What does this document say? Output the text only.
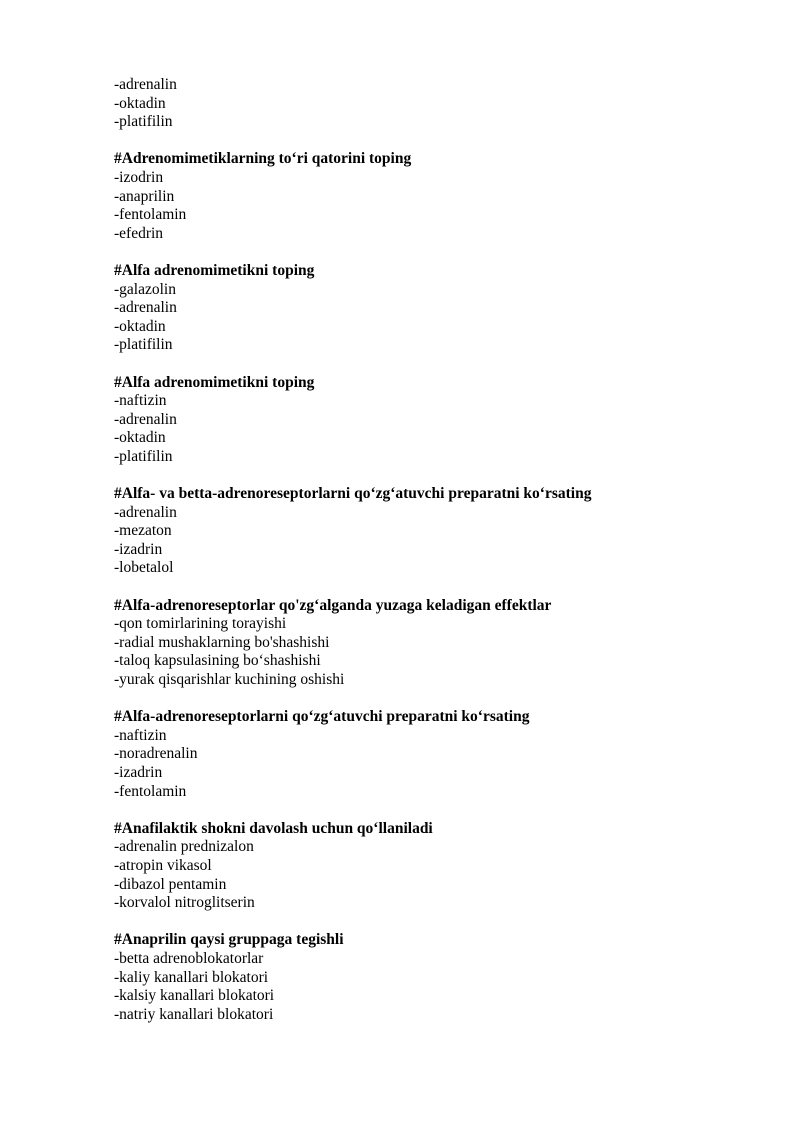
-adrenalin
-oktadin
-platifilin
#Adrenomimetiklarning to‘ri qatorini toping
-izodrin
-anaprilin
-fentolamin
-efedrin
#Alfa adrenomimetikni toping
-galazolin
-adrenalin
-oktadin
-platifilin
#Alfa adrenomimetikni toping
-naftizin
-adrenalin
-oktadin
-platifilin
#Alfa- va betta-adrenoreseptorlarni qo‘zg‘atuvchi preparatni ko‘rsating
-adrenalin
-mezaton
-izadrin
-lobetalol
#Alfa-adrenoreseptorlar qo'zg‘alganda yuzaga keladigan effektlar
-qon tomirlarining torayishi
-radial mushaklarning bo'shashishi
-taloq kapsulasining bo‘shashishi
-yurak qisqarishlar kuchining oshishi
#Alfa-adrenoreseptorlarni qo‘zg‘atuvchi preparatni ko‘rsating
-naftizin
-noradrenalin
-izadrin
-fentolamin
#Anafilaktik shokni davolash uchun qo‘llaniladi
-adrenalin prednizalon
-atropin vikasol
-dibazol pentamin
-korvalol nitroglitserin
#Anaprilin qaysi gruppaga tegishli
-betta adrenoblokatorlar
-kaliy kanallari blokatori
-kalsiy kanallari blokatori
-natriy kanallari blokatori
